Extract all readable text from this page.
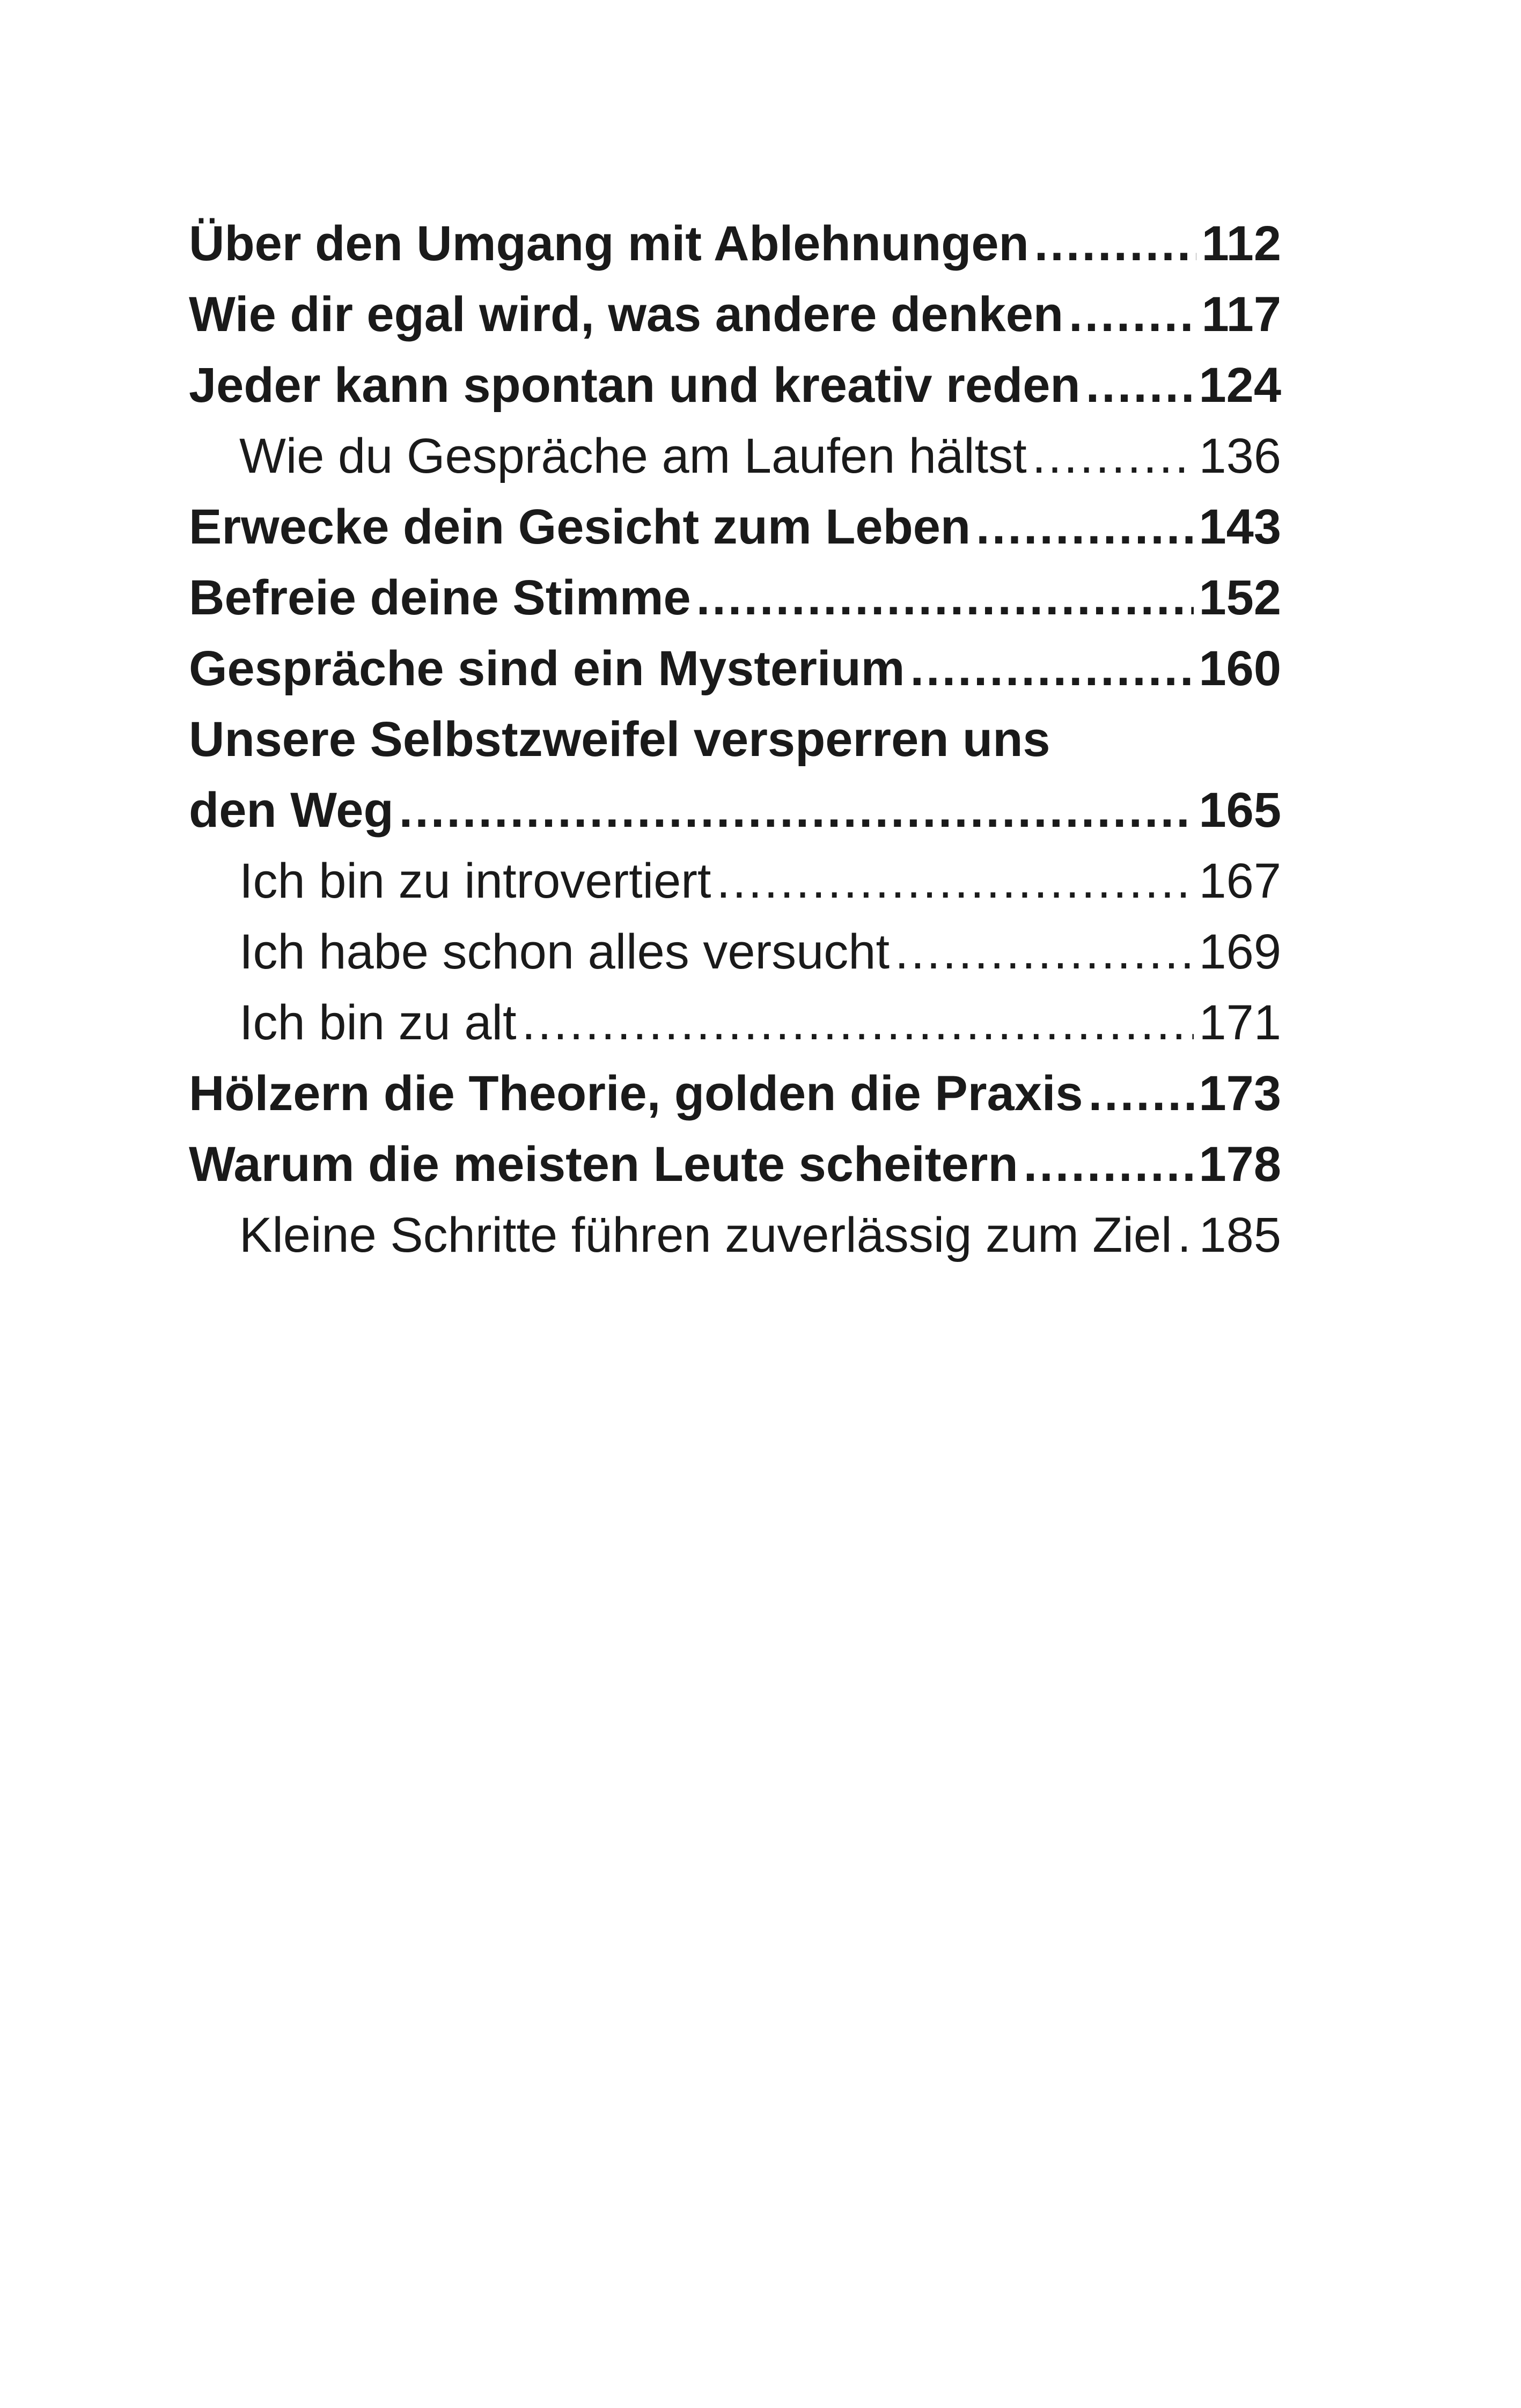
Über den Umgang mit Ablehnungen .....	112
Wie dir egal wird, was andere denken .....	117
Jeder kann spontan und kreativ reden ..... 124
Wie du Gespräche am Laufen hältst .....	136
Erwecke dein Gesicht zum Leben .....	143
Befreie deine Stimme .....	152
Gespräche sind ein Mysterium .....	160
Unsere Selbstzweifel versperren uns
den Weg .....	165
Ich bin zu introvertiert .....	167
Ich habe schon alles versucht .....	169
Ich bin zu alt .....	171
Hölzern die Theorie, golden die Praxis ..... 173
Warum die meisten Leute scheitern .....	178
Kleine Schritte führen zuverlässig zum Ziel ..... 185
